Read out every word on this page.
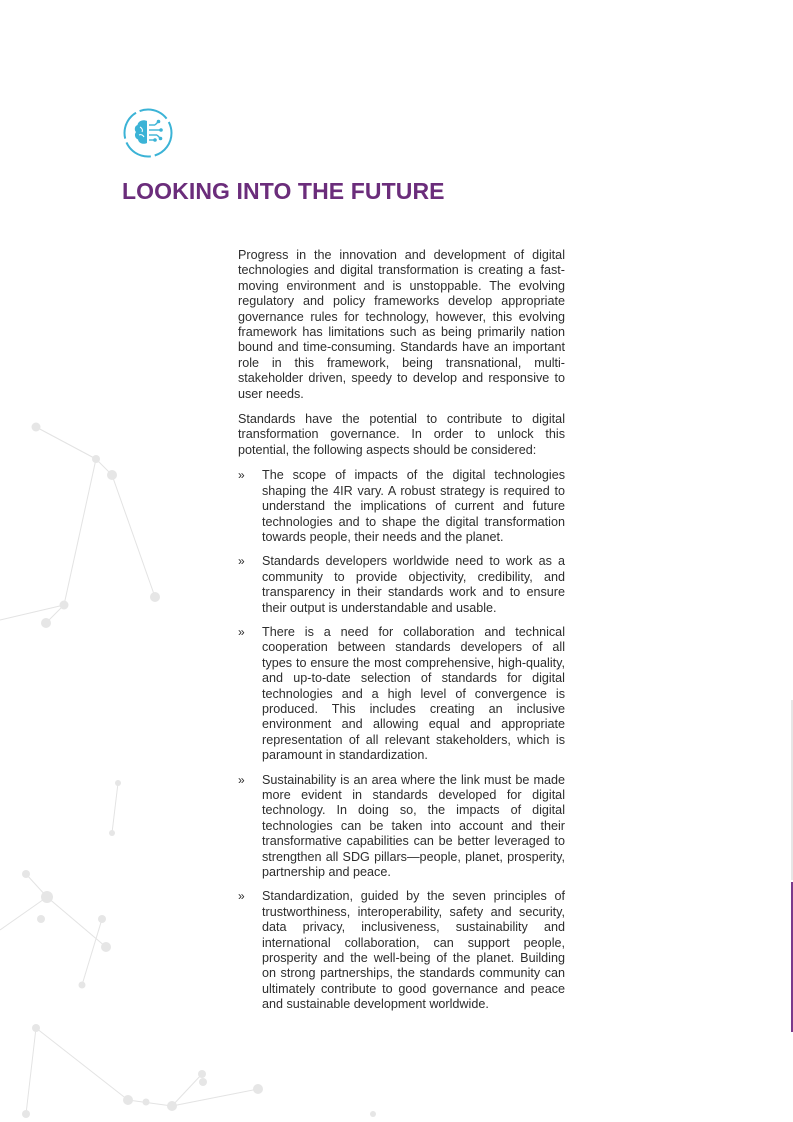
LOOKING INTO THE FUTURE

Progress in the innovation and development of digital technologies and digital transformation is creating a fast-moving environment and is unstoppable. The evolving regulatory and policy frameworks develop appropriate governance rules for technology, however, this evolving framework has limitations such as being primarily nation bound and time-consuming. Standards have an important role in this framework, being transnational, multi-stakeholder driven, speedy to develop and responsive to user needs.

Standards have the potential to contribute to digital transformation governance. In order to unlock this potential, the following aspects should be considered:

» The scope of impacts of the digital technologies shaping the 4IR vary. A robust strategy is required to understand the implications of current and future technologies and to shape the digital transformation towards people, their needs and the planet.
» Standards developers worldwide need to work as a community to provide objectivity, credibility, and transparency in their standards work and to ensure their output is understandable and usable.
» There is a need for collaboration and technical cooperation between standards developers of all types to ensure the most comprehensive, high-quality, and up-to-date selection of standards for digital technologies and a high level of convergence is produced. This includes creating an inclusive environment and allowing equal and appropriate representation of all relevant stakeholders, which is paramount in standardization.
» Sustainability is an area where the link must be made more evident in standards developed for digital technology. In doing so, the impacts of digital technologies can be taken into account and their transformative capabilities can be better leveraged to strengthen all SDG pillars—people, planet, prosperity, partnership and peace.
» Standardization, guided by the seven principles of trustworthiness, interoperability, safety and security, data privacy, inclusiveness, sustainability and international collaboration, can support people, prosperity and the well-being of the planet. Building on strong partnerships, the standards community can ultimately contribute to good governance and peace and sustainable development worldwide.
